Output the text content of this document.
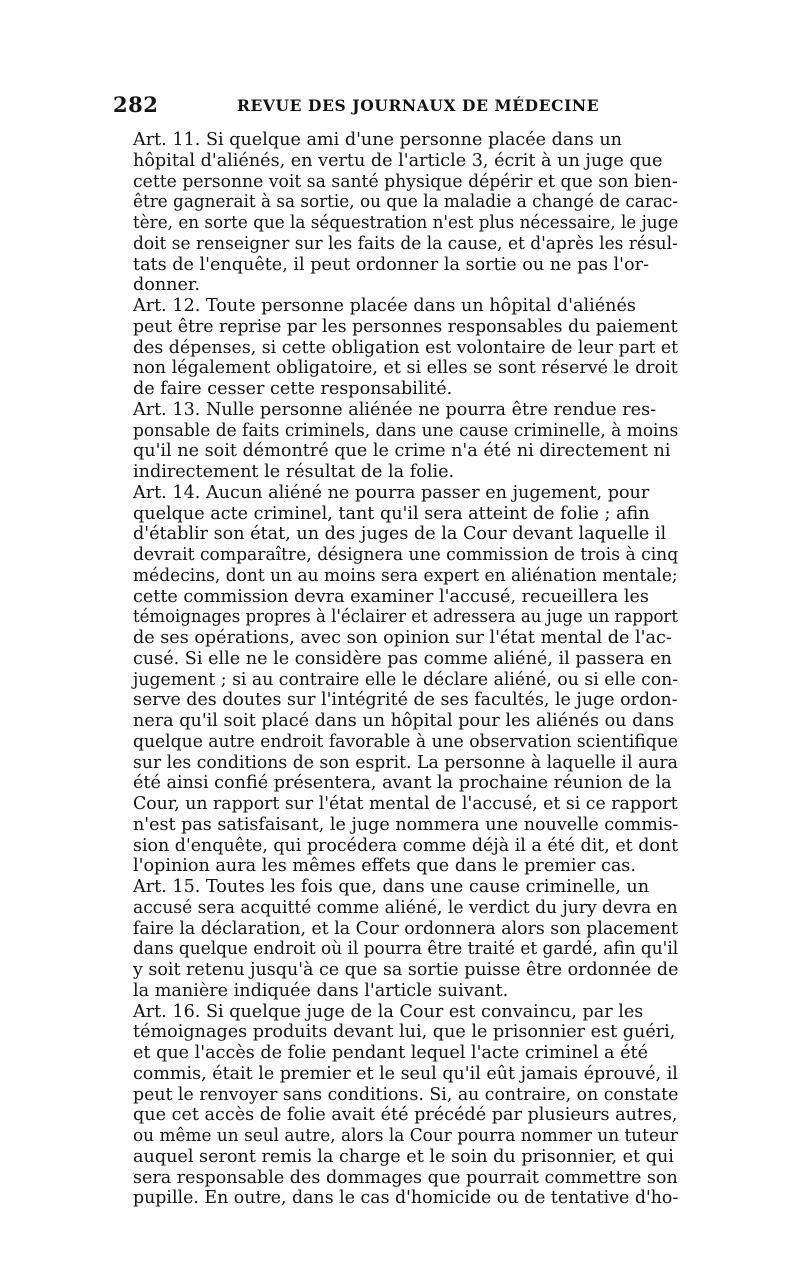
282	REVUE DES JOURNAUX DE MÉDECINE
Art. 11. Si quelque ami d'une personne placée dans un
hôpital d'aliénés, en vertu de l'article 3, écrit à un juge que
cette personne voit sa santé physique dépérir et que son bien-
être gagnerait à sa sortie, ou que la maladie a changé de carac-
tère, en sorte que la séquestration n'est plus nécessaire, le juge
doit se renseigner sur les faits de la cause, et d'après les résul-
tats de l'enquête, il peut ordonner la sortie ou ne pas l'or-
donner.
Art. 12. Toute personne placée dans un hôpital d'aliénés
peut être reprise par les personnes responsables du paiement
des dépenses, si cette obligation est volontaire de leur part et
non légalement obligatoire, et si elles se sont réservé le droit
de faire cesser cette responsabilité.
Art. 13. Nulle personne aliénée ne pourra être rendue res-
ponsable de faits criminels, dans une cause criminelle, à moins
qu'il ne soit démontré que le crime n'a été ni directement ni
indirectement le résultat de la folie.
Art. 14. Aucun aliéné ne pourra passer en jugement, pour
quelque acte criminel, tant qu'il sera atteint de folie ; afin
d'établir son état, un des juges de la Cour devant laquelle il
devrait comparaître, désignera une commission de trois à cinq
médecins, dont un au moins sera expert en aliénation mentale;
cette commission devra examiner l'accusé, recueillera les
témoignages propres à l'éclairer et adressera au juge un rapport
de ses opérations, avec son opinion sur l'état mental de l'ac-
cusé. Si elle ne le considère pas comme aliéné, il passera en
jugement ; si au contraire elle le déclare aliéné, ou si elle con-
serve des doutes sur l'intégrité de ses facultés, le juge ordon-
nera qu'il soit placé dans un hôpital pour les aliénés ou dans
quelque autre endroit favorable à une observation scientifique
sur les conditions de son esprit. La personne à laquelle il aura
été ainsi confié présentera, avant la prochaine réunion de la
Cour, un rapport sur l'état mental de l'accusé, et si ce rapport
n'est pas satisfaisant, le juge nommera une nouvelle commis-
sion d'enquête, qui procédera comme déjà il a été dit, et dont
l'opinion aura les mêmes effets que dans le premier cas.
Art. 15. Toutes les fois que, dans une cause criminelle, un
accusé sera acquitté comme aliéné, le verdict du jury devra en
faire la déclaration, et la Cour ordonnera alors son placement
dans quelque endroit où il pourra être traité et gardé, afin qu'il
y soit retenu jusqu'à ce que sa sortie puisse être ordonnée de
la manière indiquée dans l'article suivant.
Art. 16. Si quelque juge de la Cour est convaincu, par les
témoignages produits devant lui, que le prisonnier est guéri,
et que l'accès de folie pendant lequel l'acte criminel a été
commis, était le premier et le seul qu'il eût jamais éprouvé, il
peut le renvoyer sans conditions. Si, au contraire, on constate
que cet accès de folie avait été précédé par plusieurs autres,
ou même un seul autre, alors la Cour pourra nommer un tuteur
auquel seront remis la charge et le soin du prisonnier, et qui
sera responsable des dommages que pourrait commettre son
pupille. En outre, dans le cas d'homicide ou de tentative d'ho-
